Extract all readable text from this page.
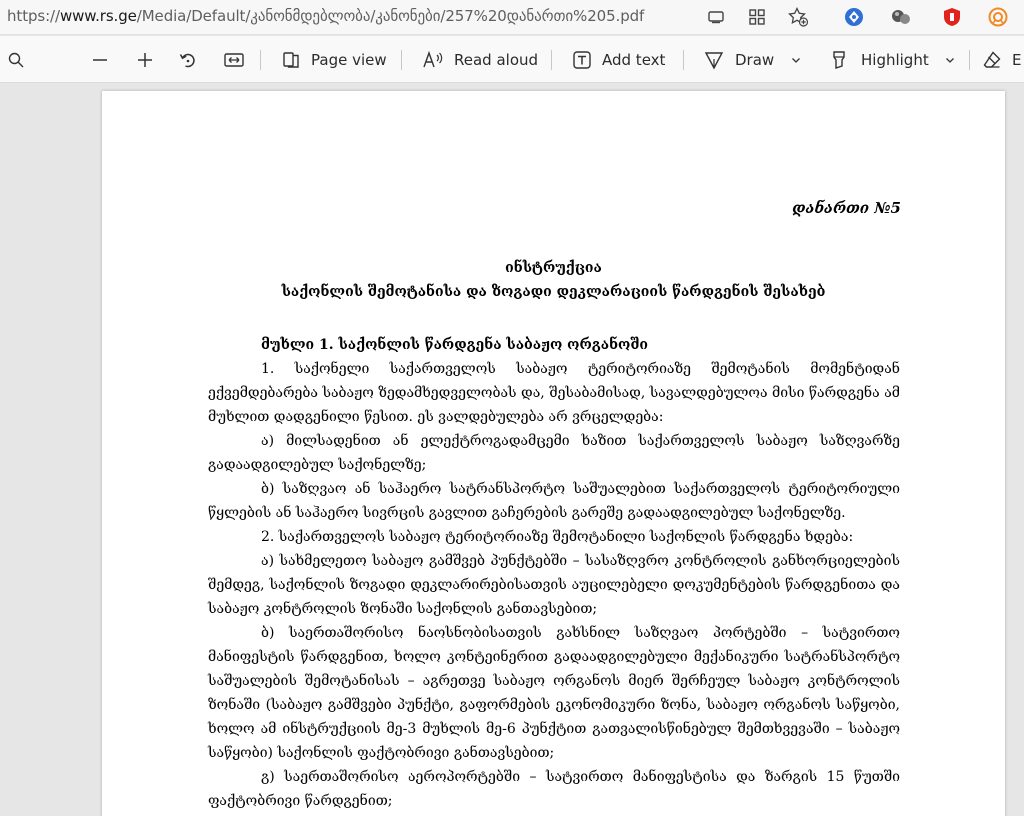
https://www.rs.ge/Media/Default/კანონმდებლობა/კანონები/257%20დანართი%205.pdf
Page view	Read aloud	Add text	Draw	Highlight	E
დანართი №5
ინსტრუქცია
საქონლის შემოტანისა და ზოგადი დეკლარაციის წარდგენის შესახებ

მუხლი 1. საქონლის წარდგენა საბაჟო ორგანოში

1. საქონელი საქართველოს საბაჟო ტერიტორიაზე შემოტანის მომენტიდან ექვემდებარება საბაჟო ზედამხედველობას და, შესაბამისად, სავალდებულოა მისი წარდგენა ამ მუხლით დადგენილი წესით. ეს ვალდებულება არ ვრცელდება:

ა) მილსადენით ან ელექტროგადამცემი ხაზით საქართველოს საბაჟო საზღვარზე გადაადგილებულ საქონელზე;

ბ) საზღვაო ან საჰაერო სატრანსპორტო საშუალებით საქართველოს ტერიტორიული წყლების ან საჰაერო სივრცის გავლით გაჩერების გარეშე გადაადგილებულ საქონელზე.

2. საქართველოს საბაჟო ტერიტორიაზე შემოტანილი საქონლის წარდგენა ხდება:

ა) სახმელეთო საბაჟო გამშვებ პუნქტებში – სასაზღვრო კონტროლის განხორციელების შემდეგ, საქონლის ზოგადი დეკლარირებისათვის აუცილებელი დოკუმენტების წარდგენითა და საბაჟო კონტროლის ზონაში საქონლის განთავსებით;

ბ) საერთაშორისო ნაოსნობისათვის გახსნილ საზღვაო პორტებში – სატვირთო მანიფესტის წარდგენით, ხოლო კონტეინერით გადაადგილებული მექანიკური სატრანსპორტო საშუალების შემოტანისას – აგრეთვე საბაჟო ორგანოს მიერ შერჩეულ საბაჟო კონტროლის ზონაში (საბაჟო გამშვები პუნქტი, გაფორმების ეკონომიკური ზონა, საბაჟო ორგანოს საწყობი, ხოლო ამ ინსტრუქციის მე-3 მუხლის მე-6 პუნქტით გათვალისწინებულ შემთხვევაში – საბაჟო საწყობი) საქონლის ფაქტობრივი განთავსებით;

გ) საერთაშორისო აეროპორტებში – სატვირთო მანიფესტისა და ზარგის 15 წუთში ფაქტობრივი წარდგენით;
